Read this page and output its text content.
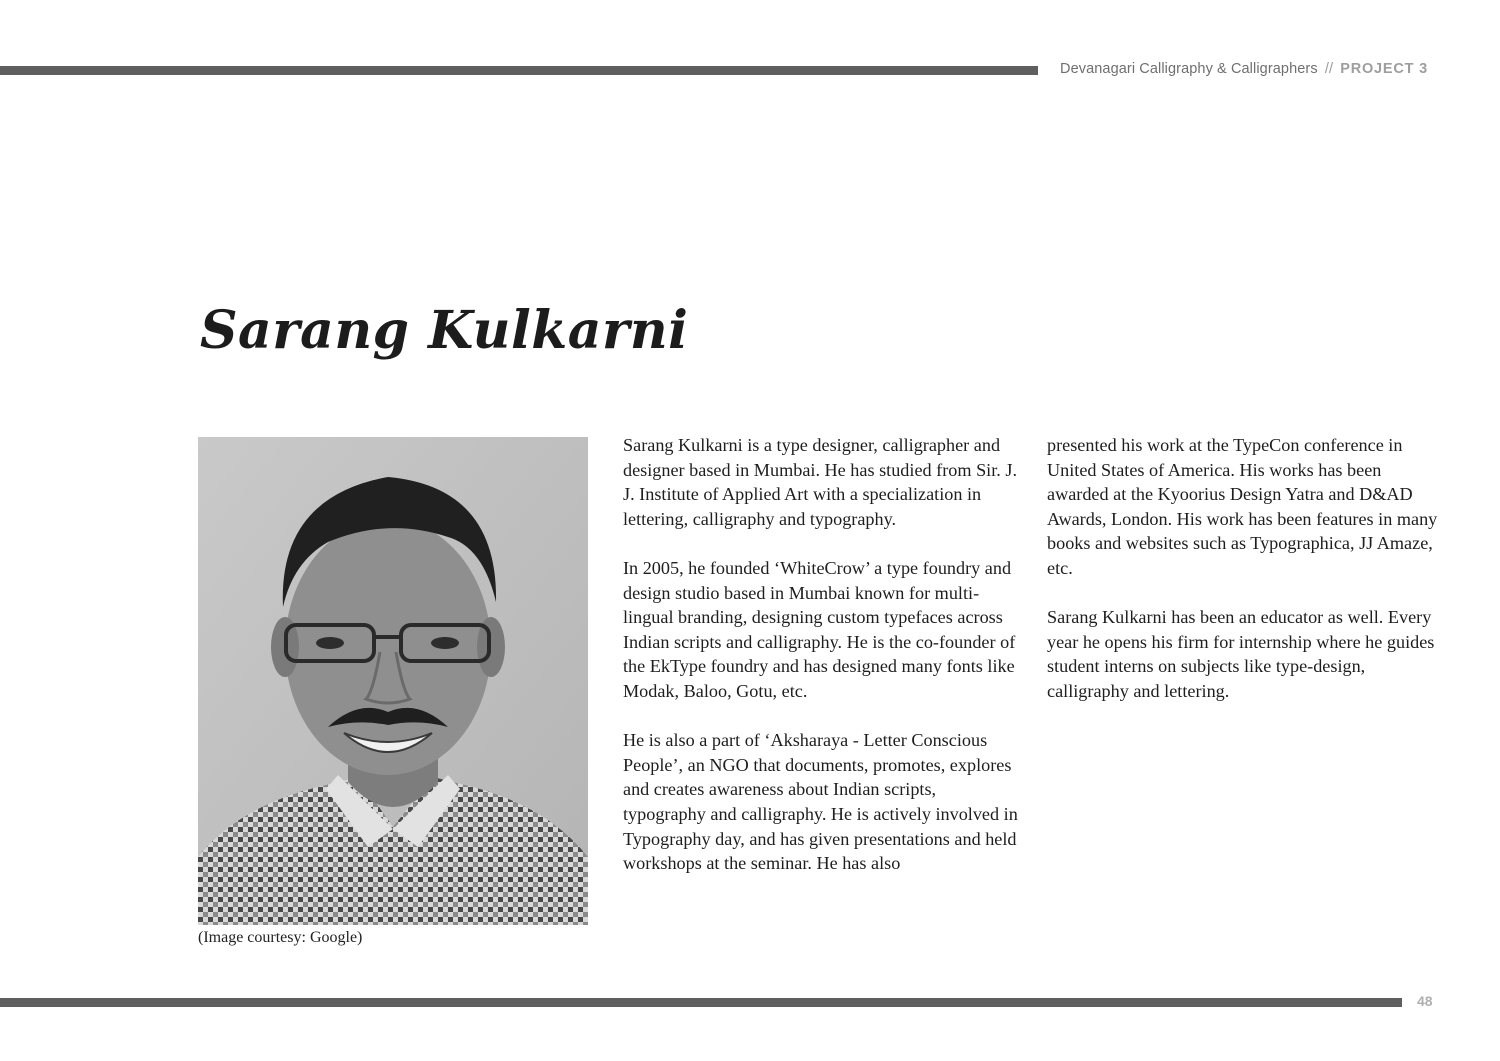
Devanagari Calligraphy & Calligraphers // PROJECT 3
Sarang Kulkarni
(Image courtesy: Google)

Sarang Kulkarni is a type designer, calligrapher and designer based in Mumbai. He has studied from Sir. J. J. Institute of Applied Art with a specialization in lettering, calligraphy and typography.

In 2005, he founded ‘WhiteCrow’ a type foundry and design studio based in Mumbai known for multi-lingual branding, designing custom typefaces across Indian scripts and calligraphy. He is the co-founder of the EkType foundry and has designed many fonts like Modak, Baloo, Gotu, etc.

He is also a part of ‘Aksharaya - Letter Conscious People’, an NGO that documents, promotes, explores and creates awareness about Indian scripts, typography and calligraphy. He is actively involved in Typography day, and has given presentations and held workshops at the seminar. He has also

presented his work at the TypeCon conference in United States of America. His works has been awarded at the Kyoorius Design Yatra and D&AD Awards, London. His work has been features in many books and websites such as Typographica, JJ Amaze, etc.

Sarang Kulkarni has been an educator as well. Every year he opens his firm for internship where he guides student interns on subjects like type-design, calligraphy and lettering.

48
